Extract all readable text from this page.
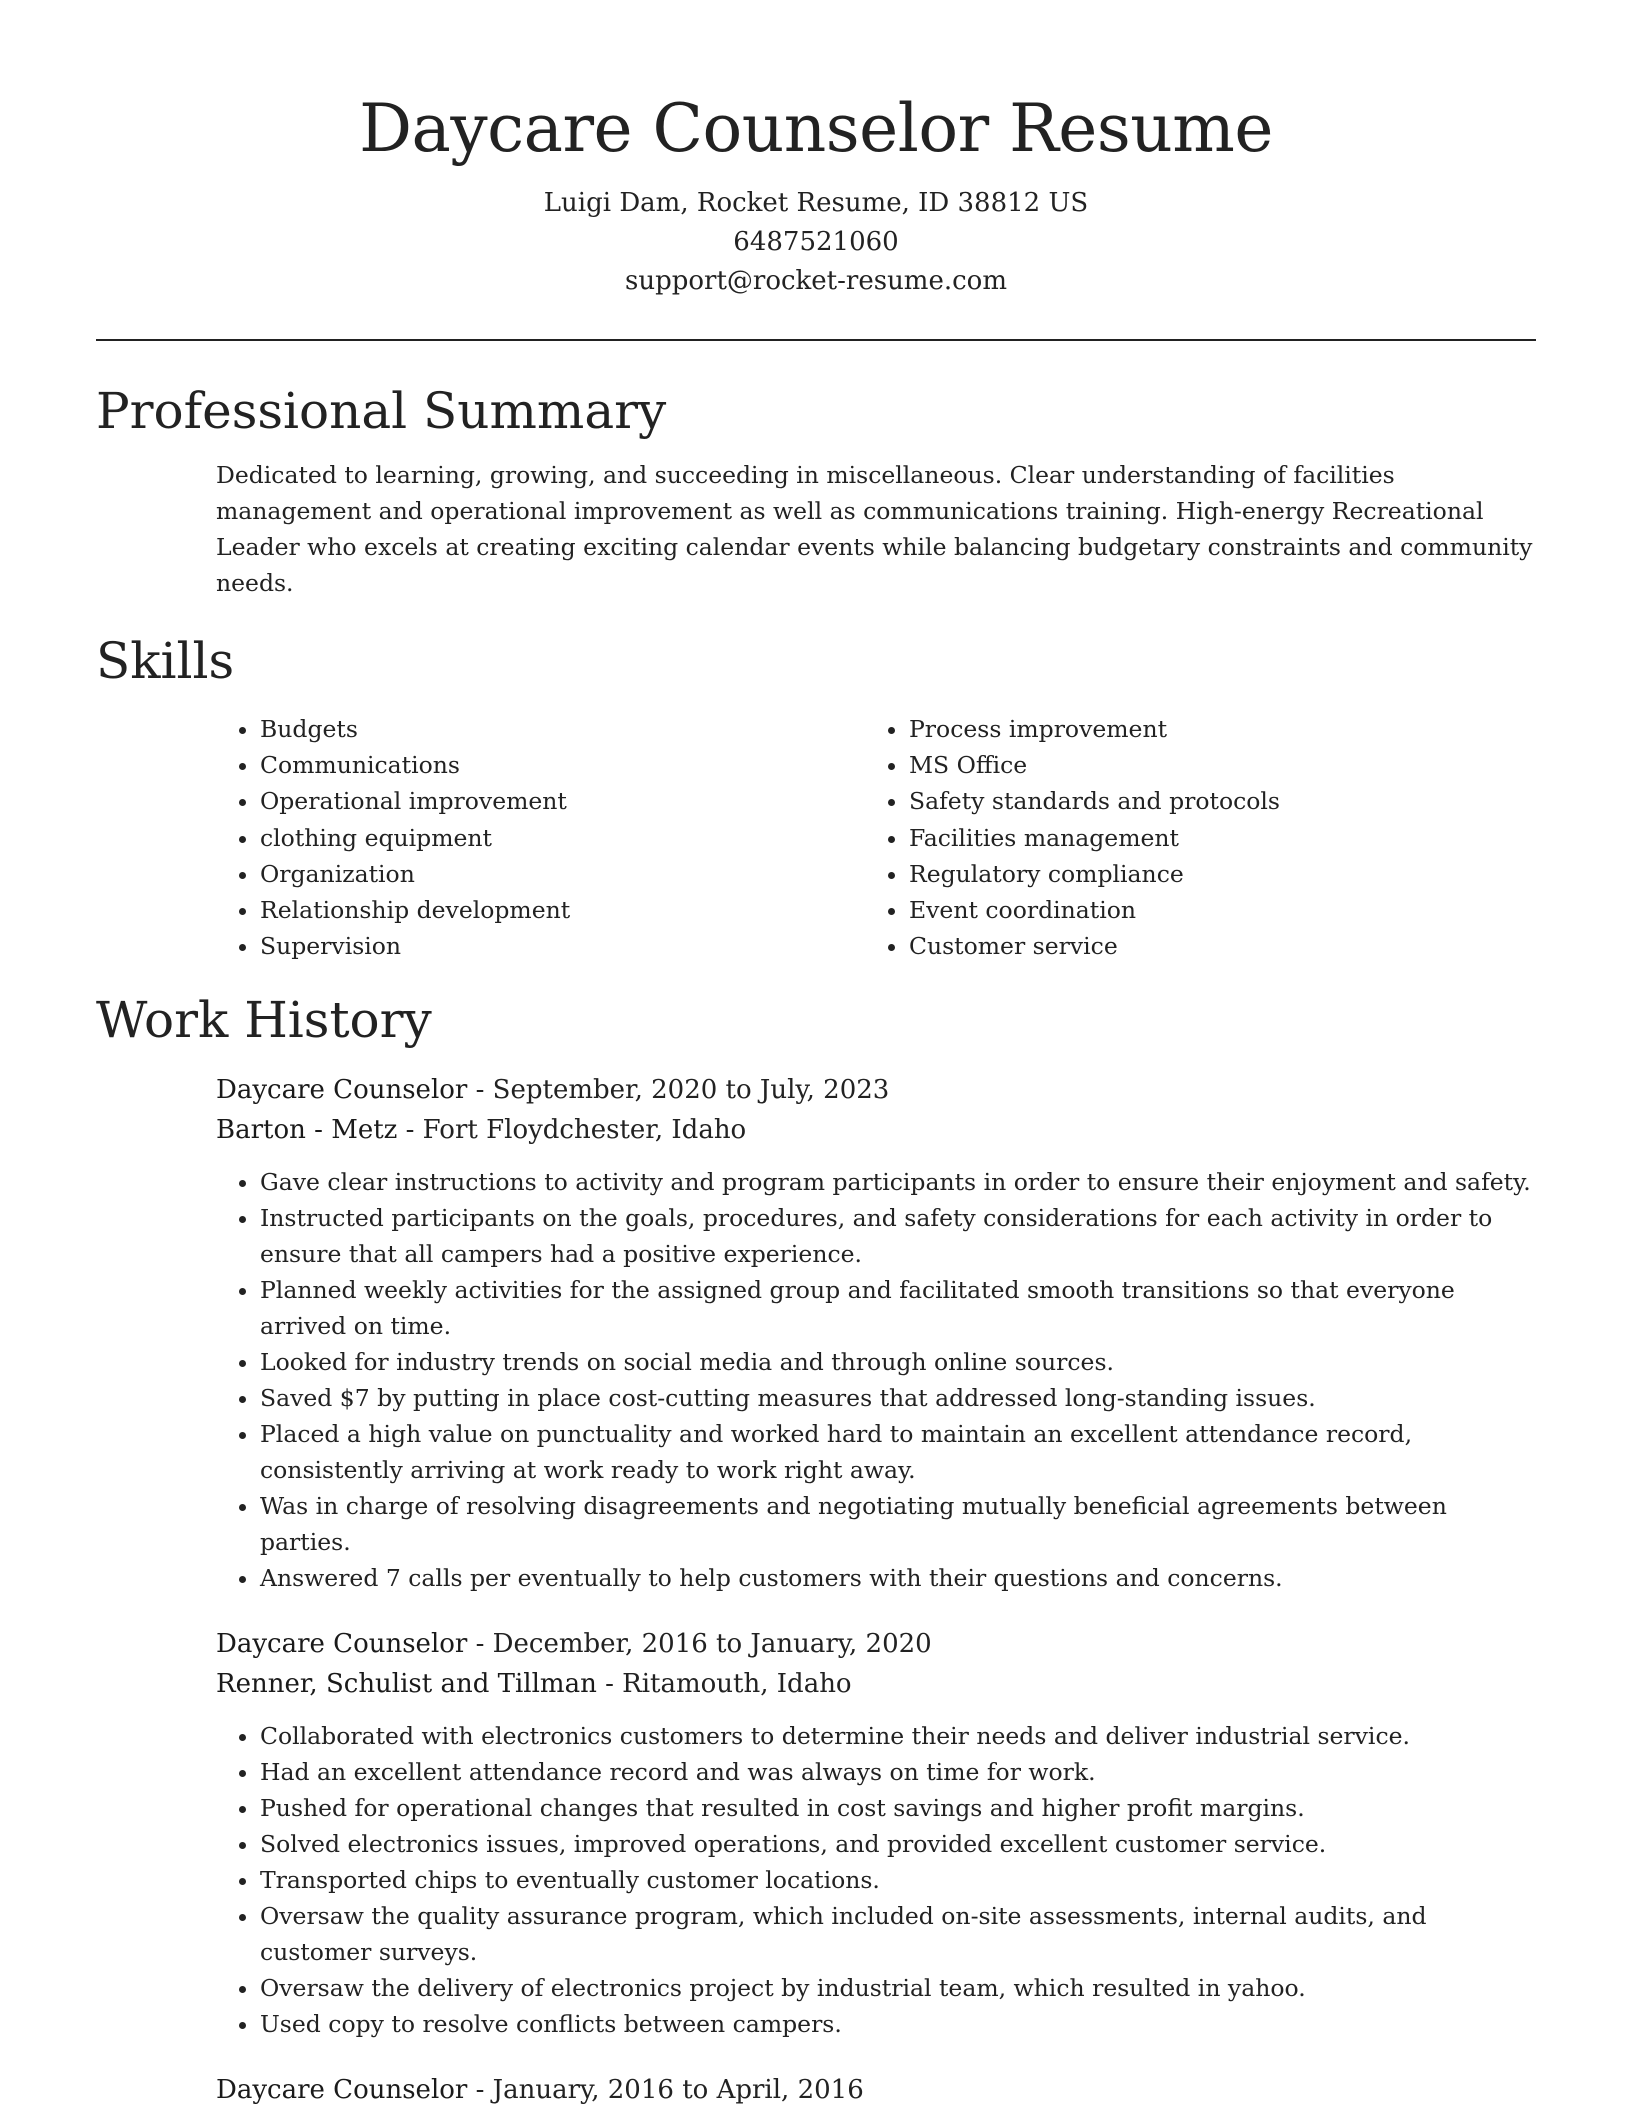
Daycare Counselor Resume
Luigi Dam, Rocket Resume, ID 38812 US
6487521060
support@rocket-resume.com
Professional Summary

Dedicated to learning, growing, and succeeding in miscellaneous. Clear understanding of facilities management and operational improvement as well as communications training. High-energy Recreational Leader who excels at creating exciting calendar events while balancing budgetary constraints and community needs.

Skills
• Budgets
• Communications
• Operational improvement
• clothing equipment
• Organization
• Relationship development
• Supervision
• Process improvement
• MS Office
• Safety standards and protocols
• Facilities management
• Regulatory compliance
• Event coordination
• Customer service
Work History
Daycare Counselor - September, 2020 to July, 2023
Barton - Metz - Fort Floydchester, Idaho
• Gave clear instructions to activity and program participants in order to ensure their enjoyment and safety.
• Instructed participants on the goals, procedures, and safety considerations for each activity in order to ensure that all campers had a positive experience.
• Planned weekly activities for the assigned group and facilitated smooth transitions so that everyone arrived on time.
• Looked for industry trends on social media and through online sources.
• Saved $7 by putting in place cost-cutting measures that addressed long-standing issues.
• Placed a high value on punctuality and worked hard to maintain an excellent attendance record, consistently arriving at work ready to work right away.
• Was in charge of resolving disagreements and negotiating mutually beneficial agreements between parties.
• Answered 7 calls per eventually to help customers with their questions and concerns.
Daycare Counselor - December, 2016 to January, 2020
Renner, Schulist and Tillman - Ritamouth, Idaho
• Collaborated with electronics customers to determine their needs and deliver industrial service.
• Had an excellent attendance record and was always on time for work.
• Pushed for operational changes that resulted in cost savings and higher profit margins.
• Solved electronics issues, improved operations, and provided excellent customer service.
• Transported chips to eventually customer locations.
• Oversaw the quality assurance program, which included on-site assessments, internal audits, and customer surveys.
• Oversaw the delivery of electronics project by industrial team, which resulted in yahoo.
• Used copy to resolve conflicts between campers.
Daycare Counselor - January, 2016 to April, 2016
